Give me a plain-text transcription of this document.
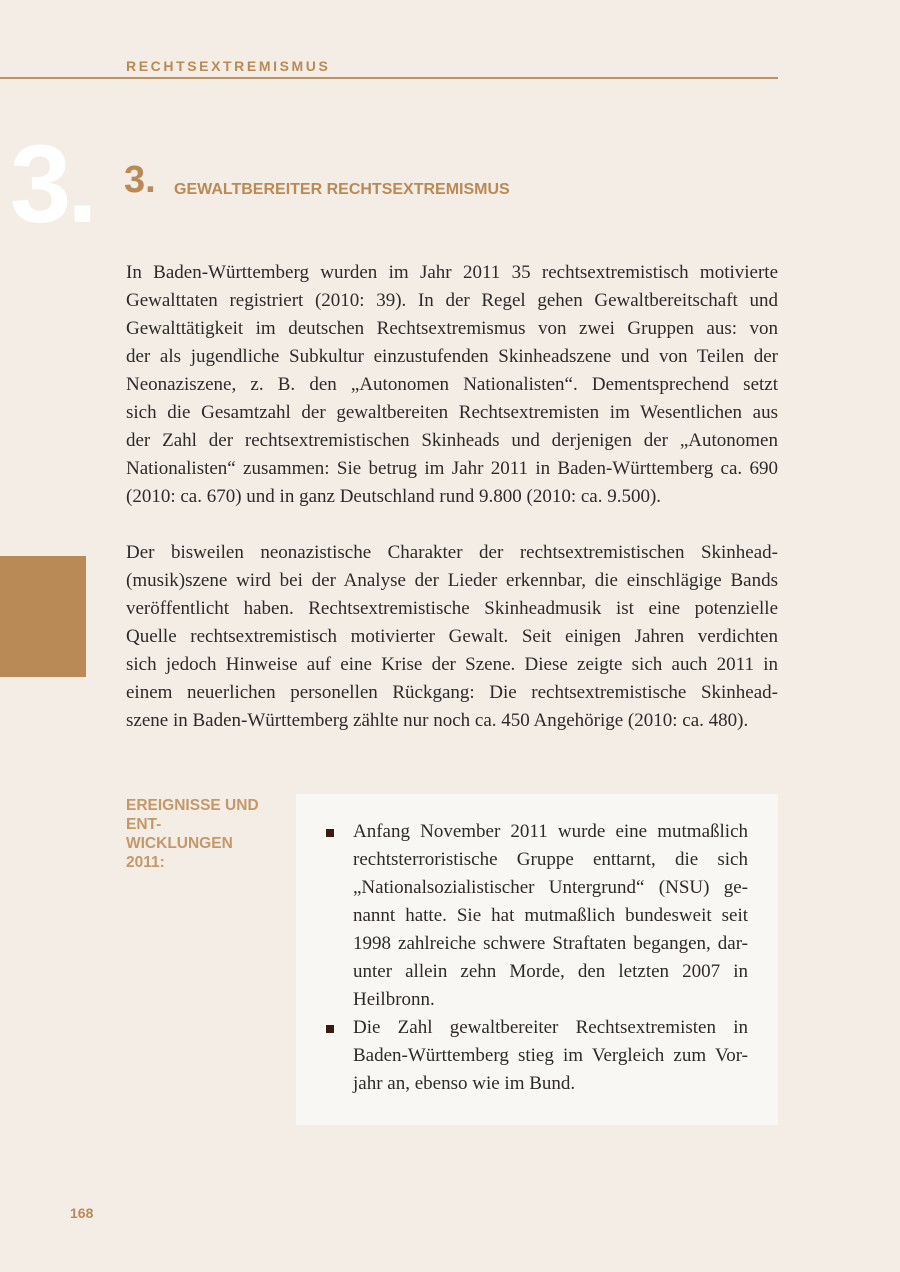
RECHTSEXTREMISMUS
3. 3. GEWALTBEREITER RECHTSEXTREMISMUS
In Baden-Württemberg wurden im Jahr 2011 35 rechtsextremistisch motivierte
Gewalttaten registriert (2010: 39). In der Regel gehen Gewaltbereitschaft und
Gewalttätigkeit im deutschen Rechtsextremismus von zwei Gruppen aus: von
der als jugendliche Subkultur einzustufenden Skinheadszene und von Teilen der
Neonaziszene, z. B. den „Autonomen Nationalisten“. Dementsprechend setzt
sich die Gesamtzahl der gewaltbereiten Rechtsextremisten im Wesentlichen aus
der Zahl der rechtsextremistischen Skinheads und derjenigen der „Autonomen
Nationalisten“ zusammen: Sie betrug im Jahr 2011 in Baden-Württemberg ca. 690
(2010: ca. 670) und in ganz Deutschland rund 9.800 (2010: ca. 9.500).
Der bisweilen neonazistische Charakter der rechtsextremistischen Skinhead-
(musik)szene wird bei der Analyse der Lieder erkennbar, die einschlägige Bands
veröffentlicht haben. Rechtsextremistische Skinheadmusik ist eine potenzielle
Quelle rechtsextremistisch motivierter Gewalt. Seit einigen Jahren verdichten
sich jedoch Hinweise auf eine Krise der Szene. Diese zeigte sich auch 2011 in
einem neuerlichen personellen Rückgang: Die rechtsextremistische Skinhead-
szene in Baden-Württemberg zählte nur noch ca. 450 Angehörige (2010: ca. 480).
EREIGNISSE UND ENT- WICKLUNGEN 2011:
Anfang November 2011 wurde eine mutmaßlich
rechtsterroristische Gruppe enttarnt, die sich
„Nationalsozialistischer Untergrund“ (NSU) ge-
nannt hatte. Sie hat mutmaßlich bundesweit seit
1998 zahlreiche schwere Straftaten begangen, dar-
unter allein zehn Morde, den letzten 2007 in
Heilbronn.
Die Zahl gewaltbereiter Rechtsextremisten in
Baden-Württemberg stieg im Vergleich zum Vor-
jahr an, ebenso wie im Bund.
168
